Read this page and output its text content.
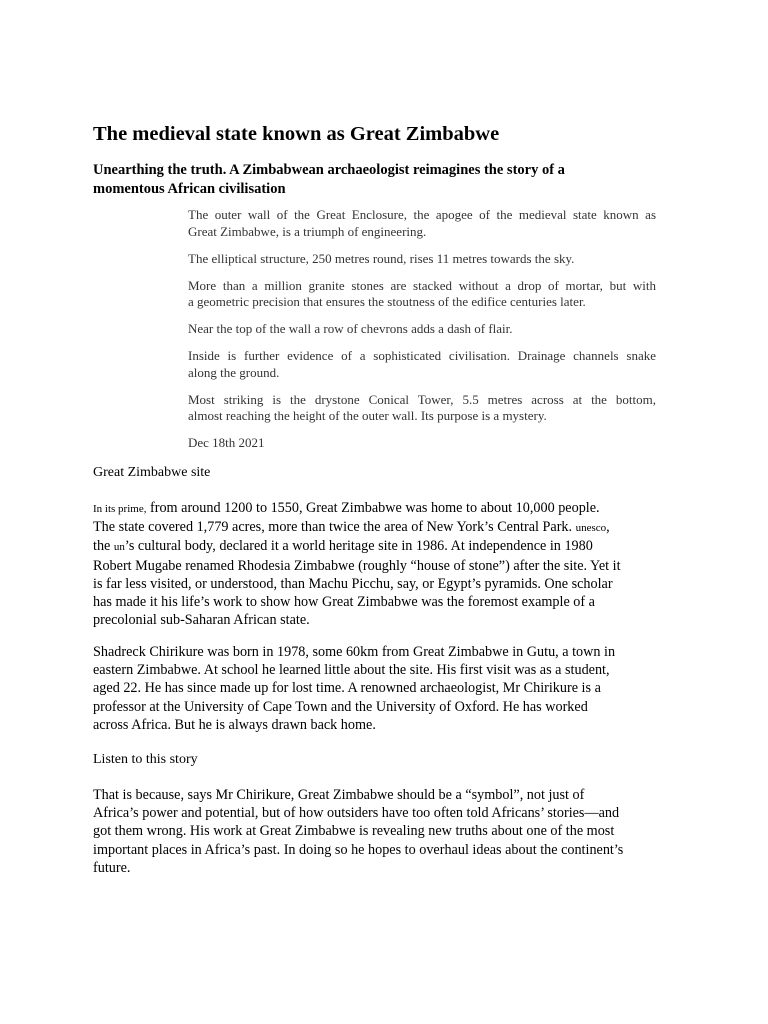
The medieval state known as Great Zimbabwe
Unearthing the truth. A Zimbabwean archaeologist reimagines the story of a
momentous African civilisation

The outer wall of the Great Enclosure, the apogee of the medieval state known as
Great Zimbabwe, is a triumph of engineering.

The elliptical structure, 250 metres round, rises 11 metres towards the sky.

More than a million granite stones are stacked without a drop of mortar, but with
a geometric precision that ensures the stoutness of the edifice centuries later.

Near the top of the wall a row of chevrons adds a dash of flair.

Inside is further evidence of a sophisticated civilisation. Drainage channels snake
along the ground.

Most striking is the drystone Conical Tower, 5.5 metres across at the bottom,
almost reaching the height of the outer wall. Its purpose is a mystery.

Dec 18th 2021

Great Zimbabwe site

In its prime, from around 1200 to 1550, Great Zimbabwe was home to about 10,000 people.
The state covered 1,779 acres, more than twice the area of New York’s Central Park. unesco,
the un’s cultural body, declared it a world heritage site in 1986. At independence in 1980
Robert Mugabe renamed Rhodesia Zimbabwe (roughly “house of stone”) after the site. Yet it
is far less visited, or understood, than Machu Picchu, say, or Egypt’s pyramids. One scholar
has made it his life’s work to show how Great Zimbabwe was the foremost example of a
precolonial sub-Saharan African state.
Shadreck Chirikure was born in 1978, some 60km from Great Zimbabwe in Gutu, a town in
eastern Zimbabwe. At school he learned little about the site. His first visit was as a student,
aged 22. He has since made up for lost time. A renowned archaeologist, Mr Chirikure is a
professor at the University of Cape Town and the University of Oxford. He has worked
across Africa. But he is always drawn back home.

Listen to this story

That is because, says Mr Chirikure, Great Zimbabwe should be a “symbol”, not just of
Africa’s power and potential, but of how outsiders have too often told Africans’ stories—and
got them wrong. His work at Great Zimbabwe is revealing new truths about one of the most
important places in Africa’s past. In doing so he hopes to overhaul ideas about the continent’s
future.
